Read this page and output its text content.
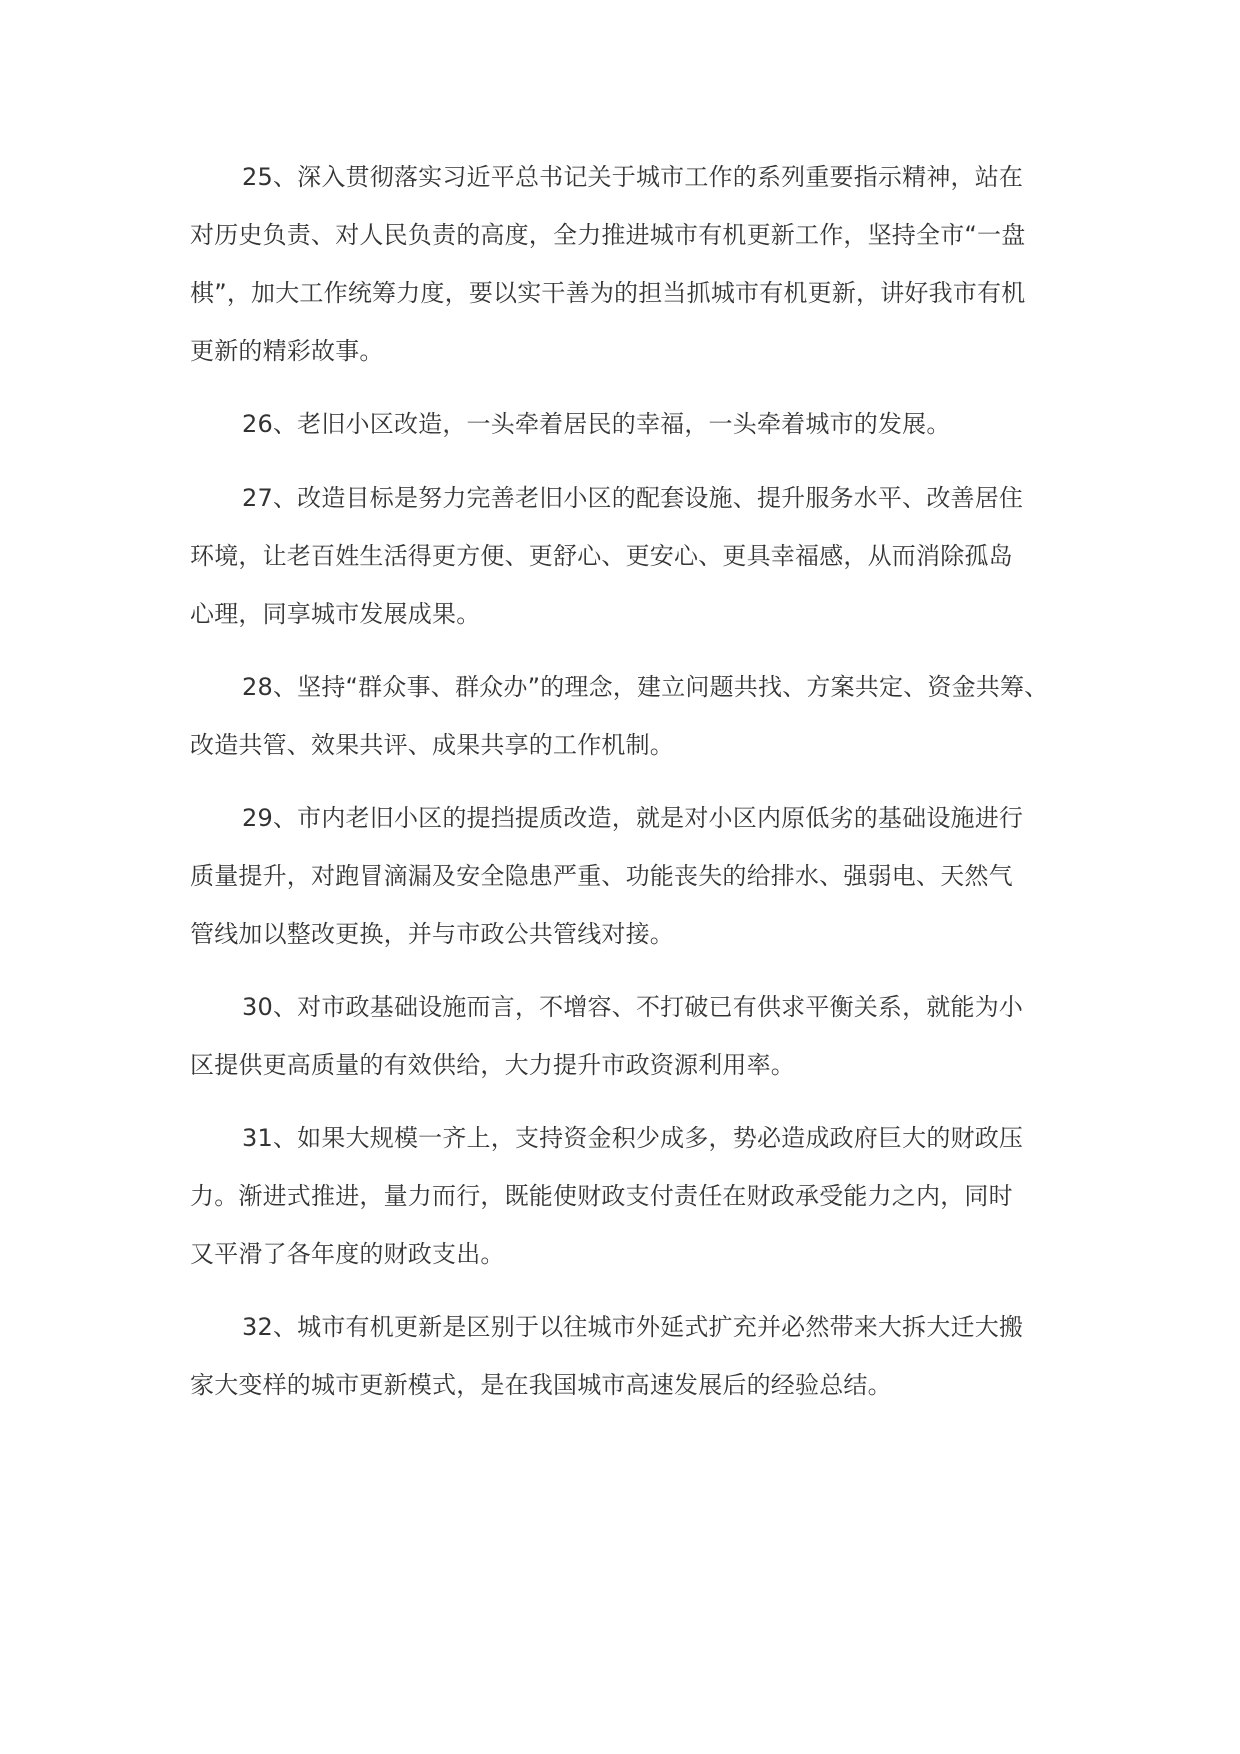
25、深入贯彻落实习近平总书记关于城市工作的系列重要指示精神，站在
对历史负责、对人民负责的高度，全力推进城市有机更新工作，坚持全市“一盘
棋”，加大工作统筹力度，要以实干善为的担当抓城市有机更新，讲好我市有机
更新的精彩故事。
26、老旧小区改造，一头牵着居民的幸福，一头牵着城市的发展。
27、改造目标是努力完善老旧小区的配套设施、提升服务水平、改善居住
环境，让老百姓生活得更方便、更舒心、更安心、更具幸福感，从而消除孤岛
心理，同享城市发展成果。
28、坚持“群众事、群众办”的理念，建立问题共找、方案共定、资金共筹、
改造共管、效果共评、成果共享的工作机制。
29、市内老旧小区的提挡提质改造，就是对小区内原低劣的基础设施进行
质量提升，对跑冒滴漏及安全隐患严重、功能丧失的给排水、强弱电、天然气
管线加以整改更换，并与市政公共管线对接。
30、对市政基础设施而言，不增容、不打破已有供求平衡关系，就能为小
区提供更高质量的有效供给，大力提升市政资源利用率。
31、如果大规模一齐上，支持资金积少成多，势必造成政府巨大的财政压
力。渐进式推进，量力而行，既能使财政支付责任在财政承受能力之内，同时
又平滑了各年度的财政支出。
32、城市有机更新是区别于以往城市外延式扩充并必然带来大拆大迁大搬
家大变样的城市更新模式，是在我国城市高速发展后的经验总结。
